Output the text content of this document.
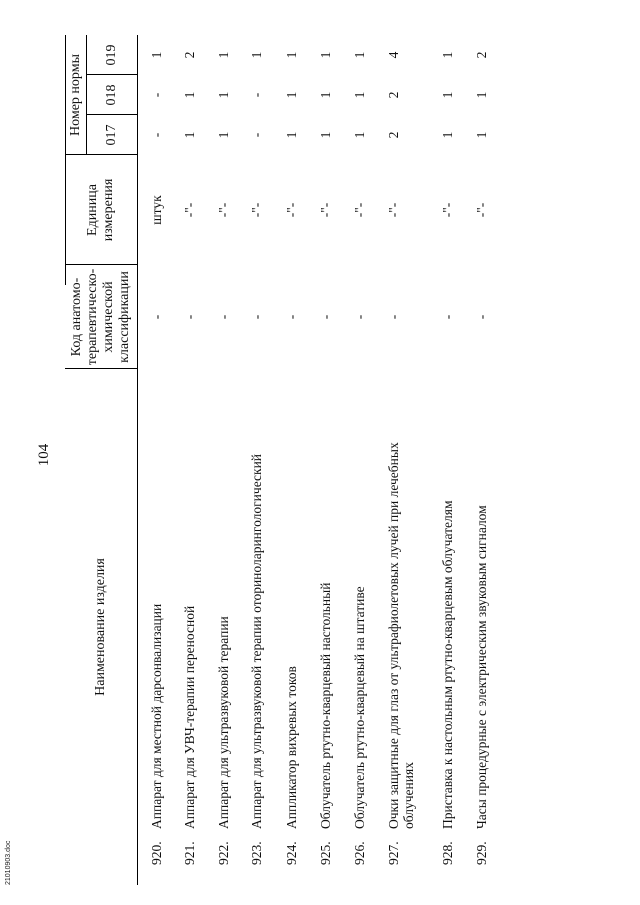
21010903.doc
104
Наименование изделия
Код анатомо- терапевтическо- химической классификации
Единица измерения
Номер нормы 017
018
019
920.
Аппарат для местной дарсонвализации
-
штук
-
-
1
921.
Аппарат для УВЧ-терапии переносной
-
-"-
1
1
2
922.
Аппарат для ультразвуковой терапии
-
-"-
1
1
1
923.
Аппарат для ультразвуковой терапии оториноларингологический
-
-"-
-
-
1
924.
Аппликатор вихревых токов
-
-"-
1
1
1
925.
Облучатель ртутно-кварцевый настольный
-
-"-
1
1
1
926.
Облучатель ртутно-кварцевый на штативе
-
-"-
1
1
1
927.
Очки защитные для глаз от ультрафиолетовых лучей при лечебных облучениях
-
-"-
2
2
4
928.
Приставка к настольным ртутно-кварцевым облучателям
-
-"-
1
1
1
929.
Часы процедурные с электрическим звуковым сигналом
-
-"-
1
1
2
